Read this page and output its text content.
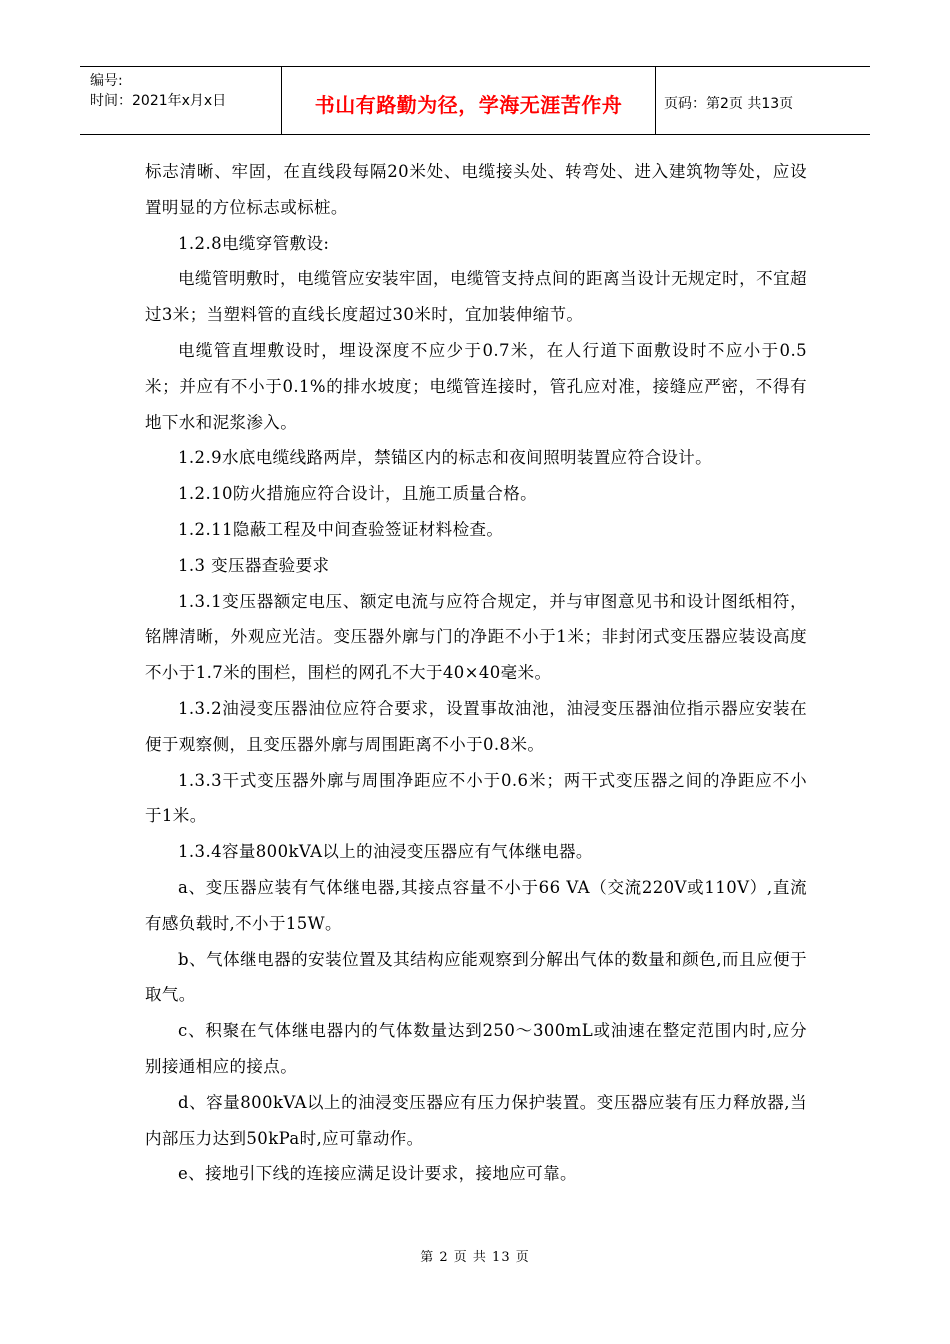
编号:
时间：2021年x月x日	书山有路勤为径，学海无涯苦作舟	页码：第2页 共13页

标志清晰、牢固，在直线段每隔20米处、电缆接头处、转弯处、进入建筑物等处，应设置明显的方位标志或标桩。

1.2.8电缆穿管敷设:

电缆管明敷时，电缆管应安装牢固，电缆管支持点间的距离当设计无规定时，不宜超过3米；当塑料管的直线长度超过30米时，宜加装伸缩节。

电缆管直埋敷设时，埋设深度不应少于0.7米，在人行道下面敷设时不应小于0.5米；并应有不小于0.1%的排水坡度；电缆管连接时，管孔应对准，接缝应严密，不得有地下水和泥浆渗入。

1.2.9水底电缆线路两岸，禁锚区内的标志和夜间照明装置应符合设计。

1.2.10防火措施应符合设计，且施工质量合格。

1.2.11隐蔽工程及中间查验签证材料检查。

1.3 变压器查验要求

1.3.1变压器额定电压、额定电流与应符合规定，并与审图意见书和设计图纸相符，铭牌清晰，外观应光洁。变压器外廓与门的净距不小于1米；非封闭式变压器应装设高度不小于1.7米的围栏，围栏的网孔不大于40×40毫米。

1.3.2油浸变压器油位应符合要求，设置事故油池，油浸变压器油位指示器应安装在便于观察侧，且变压器外廓与周围距离不小于0.8米。

1.3.3干式变压器外廓与周围净距应不小于0.6米；两干式变压器之间的净距应不小于1米。

1.3.4容量800kVA以上的油浸变压器应有气体继电器。

a、变压器应装有气体继电器,其接点容量不小于66 VA（交流220V或110V）,直流有感负载时,不小于15W。

b、气体继电器的安装位置及其结构应能观察到分解出气体的数量和颜色,而且应便于取气。

c、积聚在气体继电器内的气体数量达到250～300mL或油速在整定范围内时,应分别接通相应的接点。

d、容量800kVA以上的油浸变压器应有压力保护装置。变压器应装有压力释放器,当内部压力达到50kPa时,应可靠动作。

e、接地引下线的连接应满足设计要求，接地应可靠。

第 2 页 共 13 页
